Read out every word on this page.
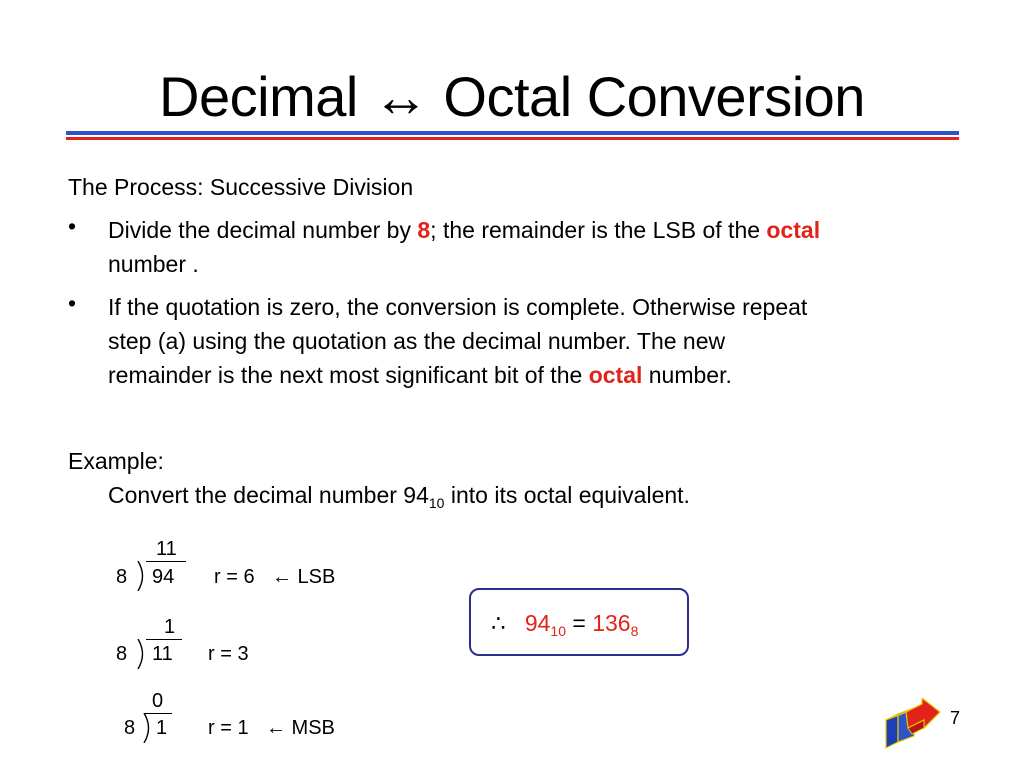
Decimal ↔ Octal Conversion
The Process: Successive Division
• Divide the decimal number by 8; the remainder is the LSB of the octal
number .
• If the quotation is zero, the conversion is complete. Otherwise repeat
step (a) using the quotation as the decimal number. The new
remainder is the next most significant bit of the octal number.
Example:
Convert the decimal number $94_{10}$ into its octal equivalent.
11
8 94 r = 6 ← LSB
1
8 11 r = 3
0
8 1 r = 1 ← MSB
∴ $94_{10} = 136_8$
7
